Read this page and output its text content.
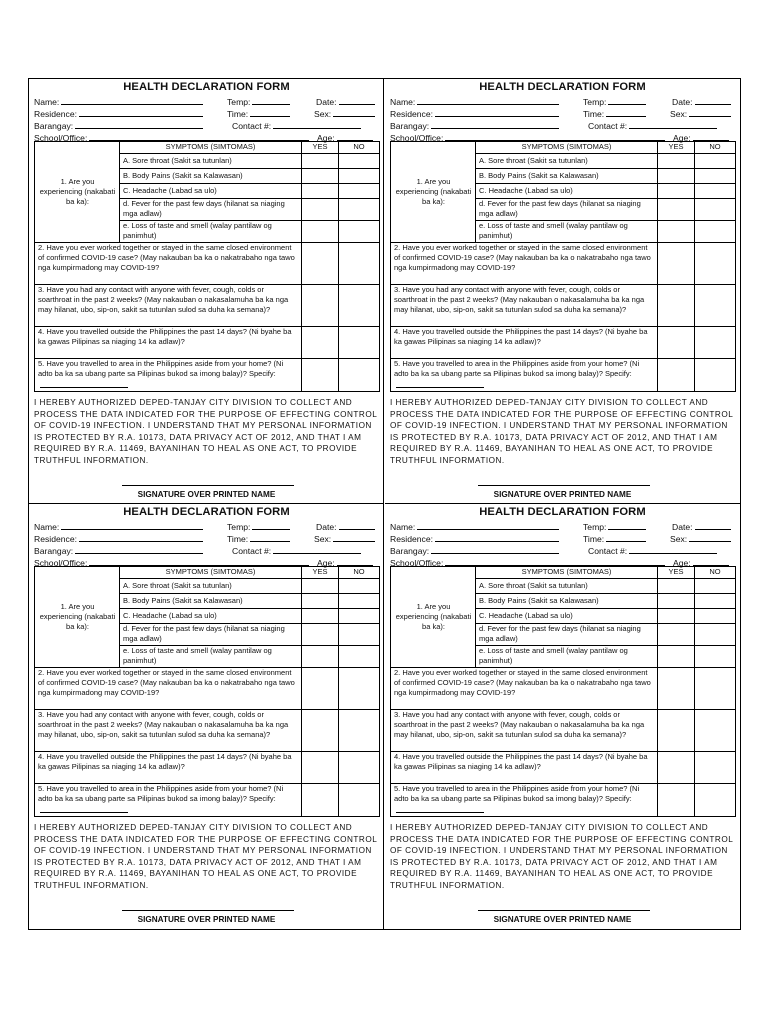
HEALTH DECLARATION FORM
Name:	Temp:	Date:
Residence:	Time:	Sex:
Barangay:	Contact #:
School/Office:	Age:
1. Are you experiencing (nakabati ba ka):	SYMPTOMS (SIMTOMAS)	YES	NO
	A. Sore throat (Sakit sa tutunlan)		
	B. Body Pains (Sakit sa Kalawasan)		
	C. Headache (Labad sa ulo)		
	d. Fever for the past few days (hilanat sa niaging mga adlaw)		
	e. Loss of taste and smell (walay pantilaw og panimhut)		
2. Have you ever worked together or stayed in the same closed environment of confirmed COVID-19 case? (May nakauban ba ka o nakatrabaho nga tawo nga kumpirmadong may COVID-19?			
3. Have you had any contact with anyone with fever, cough, colds or soarthroat in the past 2 weeks? (May nakauban o nakasalamuha ba ka nga may hilanat, ubo, sip-on, sakit sa tutunlan sulod sa duha ka semana)?			
4. Have you travelled outside the Philippines the past 14 days? (Ni byahe ba ka gawas Pilipinas sa niaging 14 ka adlaw)?			
5. Have you travelled to area in the Philippines aside from your home? (Ni adto ba ka sa ubang parte sa Pilipinas bukod sa imong balay)? Specify:			
I HEREBY AUTHORIZED DEPED-TANJAY CITY DIVISION TO COLLECT AND PROCESS THE DATA INDICATED FOR THE PURPOSE OF EFFECTING CONTROL OF COVID-19 INFECTION. I UNDERSTAND THAT MY PERSONAL INFORMATION IS PROTECTED BY R.A. 10173, DATA PRIVACY ACT OF 2012, AND THAT I AM REQUIRED BY R.A. 11469, BAYANIHAN TO HEAL AS ONE ACT, TO PROVIDE TRUTHFUL INFORMATION.
SIGNATURE OVER PRINTED NAME
HEALTH DECLARATION FORM
Name:	Temp:	Date:
Residence:	Time:	Sex:
Barangay:	Contact #:
School/Office:	Age:
1. Are you experiencing (nakabati ba ka):	SYMPTOMS (SIMTOMAS)	YES	NO
	A. Sore throat (Sakit sa tutunlan)		
	B. Body Pains (Sakit sa Kalawasan)		
	C. Headache (Labad sa ulo)		
	d. Fever for the past few days (hilanat sa niaging mga adlaw)		
	e. Loss of taste and smell (walay pantilaw og panimhut)		
2. Have you ever worked together or stayed in the same closed environment of confirmed COVID-19 case? (May nakauban ba ka o nakatrabaho nga tawo nga kumpirmadong may COVID-19?			
3. Have you had any contact with anyone with fever, cough, colds or soarthroat in the past 2 weeks? (May nakauban o nakasalamuha ba ka nga may hilanat, ubo, sip-on, sakit sa tutunlan sulod sa duha ka semana)?			
4. Have you travelled outside the Philippines the past 14 days? (Ni byahe ba ka gawas Pilipinas sa niaging 14 ka adlaw)?			
5. Have you travelled to area in the Philippines aside from your home? (Ni adto ba ka sa ubang parte sa Pilipinas bukod sa imong balay)? Specify:			
I HEREBY AUTHORIZED DEPED-TANJAY CITY DIVISION TO COLLECT AND PROCESS THE DATA INDICATED FOR THE PURPOSE OF EFFECTING CONTROL OF COVID-19 INFECTION. I UNDERSTAND THAT MY PERSONAL INFORMATION IS PROTECTED BY R.A. 10173, DATA PRIVACY ACT OF 2012, AND THAT I AM REQUIRED BY R.A. 11469, BAYANIHAN TO HEAL AS ONE ACT, TO PROVIDE TRUTHFUL INFORMATION.
SIGNATURE OVER PRINTED NAME
HEALTH DECLARATION FORM
Name:	Temp:	Date:
Residence:	Time:	Sex:
Barangay:	Contact #:
School/Office:	Age:
1. Are you experiencing (nakabati ba ka):	SYMPTOMS (SIMTOMAS)	YES	NO
	A. Sore throat (Sakit sa tutunlan)		
	B. Body Pains (Sakit sa Kalawasan)		
	C. Headache (Labad sa ulo)		
	d. Fever for the past few days (hilanat sa niaging mga adlaw)		
	e. Loss of taste and smell (walay pantilaw og panimhut)		
2. Have you ever worked together or stayed in the same closed environment of confirmed COVID-19 case? (May nakauban ba ka o nakatrabaho nga tawo nga kumpirmadong may COVID-19?			
3. Have you had any contact with anyone with fever, cough, colds or soarthroat in the past 2 weeks? (May nakauban o nakasalamuha ba ka nga may hilanat, ubo, sip-on, sakit sa tutunlan sulod sa duha ka semana)?			
4. Have you travelled outside the Philippines the past 14 days? (Ni byahe ba ka gawas Pilipinas sa niaging 14 ka adlaw)?			
5. Have you travelled to area in the Philippines aside from your home? (Ni adto ba ka sa ubang parte sa Pilipinas bukod sa imong balay)? Specify:			
I HEREBY AUTHORIZED DEPED-TANJAY CITY DIVISION TO COLLECT AND PROCESS THE DATA INDICATED FOR THE PURPOSE OF EFFECTING CONTROL OF COVID-19 INFECTION. I UNDERSTAND THAT MY PERSONAL INFORMATION IS PROTECTED BY R.A. 10173, DATA PRIVACY ACT OF 2012, AND THAT I AM REQUIRED BY R.A. 11469, BAYANIHAN TO HEAL AS ONE ACT, TO PROVIDE TRUTHFUL INFORMATION.
SIGNATURE OVER PRINTED NAME
HEALTH DECLARATION FORM
Name:	Temp:	Date:
Residence:	Time:	Sex:
Barangay:	Contact #:
School/Office:	Age:
1. Are you experiencing (nakabati ba ka):	SYMPTOMS (SIMTOMAS)	YES	NO
	A. Sore throat (Sakit sa tutunlan)		
	B. Body Pains (Sakit sa Kalawasan)		
	C. Headache (Labad sa ulo)		
	d. Fever for the past few days (hilanat sa niaging mga adlaw)		
	e. Loss of taste and smell (walay pantilaw og panimhut)		
2. Have you ever worked together or stayed in the same closed environment of confirmed COVID-19 case? (May nakauban ba ka o nakatrabaho nga tawo nga kumpirmadong may COVID-19?			
3. Have you had any contact with anyone with fever, cough, colds or soarthroat in the past 2 weeks? (May nakauban o nakasalamuha ba ka nga may hilanat, ubo, sip-on, sakit sa tutunlan sulod sa duha ka semana)?			
4. Have you travelled outside the Philippines the past 14 days? (Ni byahe ba ka gawas Pilipinas sa niaging 14 ka adlaw)?			
5. Have you travelled to area in the Philippines aside from your home? (Ni adto ba ka sa ubang parte sa Pilipinas bukod sa imong balay)? Specify:			
I HEREBY AUTHORIZED DEPED-TANJAY CITY DIVISION TO COLLECT AND PROCESS THE DATA INDICATED FOR THE PURPOSE OF EFFECTING CONTROL OF COVID-19 INFECTION. I UNDERSTAND THAT MY PERSONAL INFORMATION IS PROTECTED BY R.A. 10173, DATA PRIVACY ACT OF 2012, AND THAT I AM REQUIRED BY R.A. 11469, BAYANIHAN TO HEAL AS ONE ACT, TO PROVIDE TRUTHFUL INFORMATION.
SIGNATURE OVER PRINTED NAME
